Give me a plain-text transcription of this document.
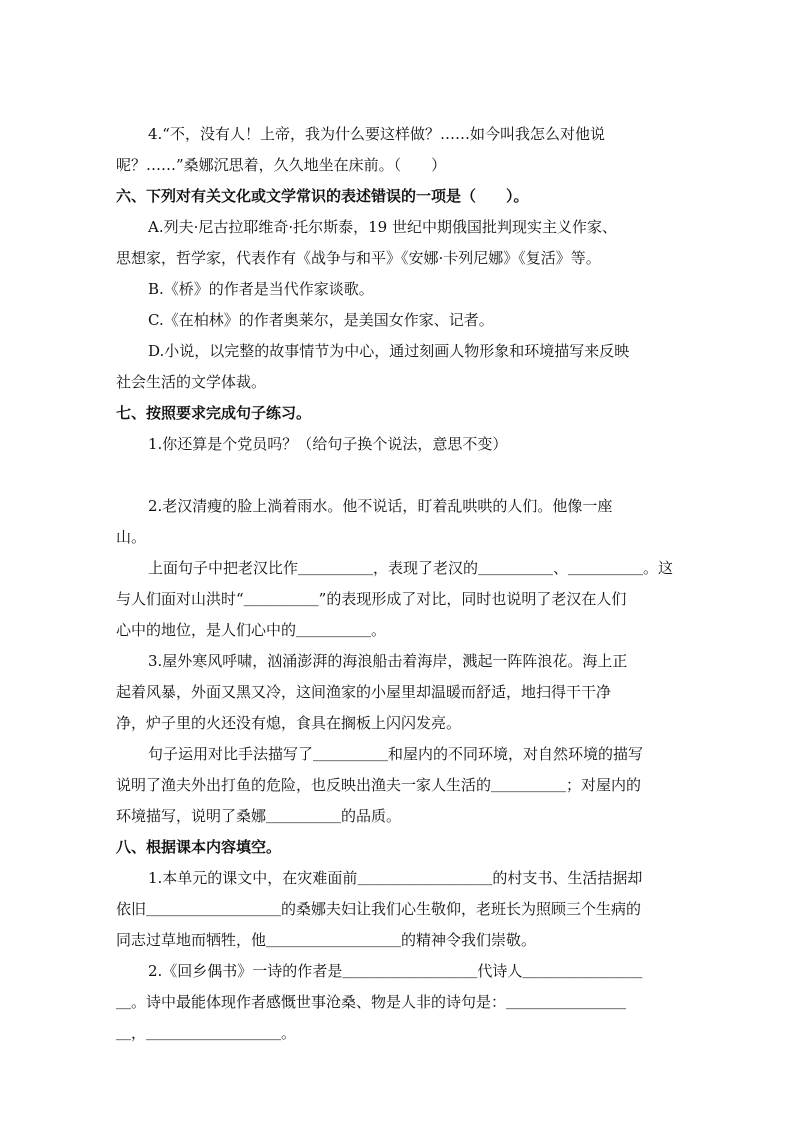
4.“不，没有人！上帝，我为什么要这样做？……如今叫我怎么对他说
呢？……”桑娜沉思着，久久地坐在床前。（　　）
六、下列对有关文化或文学常识的表述错误的一项是（　　）。
A.列夫·尼古拉耶维奇·托尔斯泰，19 世纪中期俄国批判现实主义作家、
思想家，哲学家，代表作有《战争与和平》《安娜·卡列尼娜》《复活》等。
B.《桥》的作者是当代作家谈歌。
C.《在柏林》的作者奥莱尔，是美国女作家、记者。
D.小说，以完整的故事情节为中心，通过刻画人物形象和环境描写来反映
社会生活的文学体裁。
七、按照要求完成句子练习。
1.你还算是个党员吗？（给句子换个说法，意思不变）
2.老汉清瘦的脸上淌着雨水。他不说话，盯着乱哄哄的人们。他像一座
山。
上面句子中把老汉比作＿＿＿＿＿，表现了老汉的＿＿＿＿＿、＿＿＿＿＿。这
与人们面对山洪时“＿＿＿＿＿”的表现形成了对比，同时也说明了老汉在人们
心中的地位，是人们心中的＿＿＿＿＿。
3.屋外寒风呼啸，汹涌澎湃的海浪船击着海岸，溅起一阵阵浪花。海上正
起着风暴，外面又黑又冷，这间渔家的小屋里却温暖而舒适，地扫得干干净
净，炉子里的火还没有熄，食具在搁板上闪闪发亮。
句子运用对比手法描写了＿＿＿＿＿和屋内的不同环境，对自然环境的描写
说明了渔夫外出打鱼的危险，也反映出渔夫一家人生活的＿＿＿＿＿；对屋内的
环境描写，说明了桑娜＿＿＿＿＿的品质。
八、根据课本内容填空。
1.本单元的课文中，在灾难面前＿＿＿＿＿＿＿＿＿的村支书、生活拮据却
依旧＿＿＿＿＿＿＿＿＿的桑娜夫妇让我们心生敬仰，老班长为照顾三个生病的
同志过草地而牺牲，他＿＿＿＿＿＿＿＿＿的精神令我们崇敬。
2.《回乡偶书》一诗的作者是＿＿＿＿＿＿＿＿＿代诗人＿＿＿＿＿＿＿＿
＿。诗中最能体现作者感慨世事沧桑、物是人非的诗句是：＿＿＿＿＿＿＿＿
＿，＿＿＿＿＿＿＿＿＿。
